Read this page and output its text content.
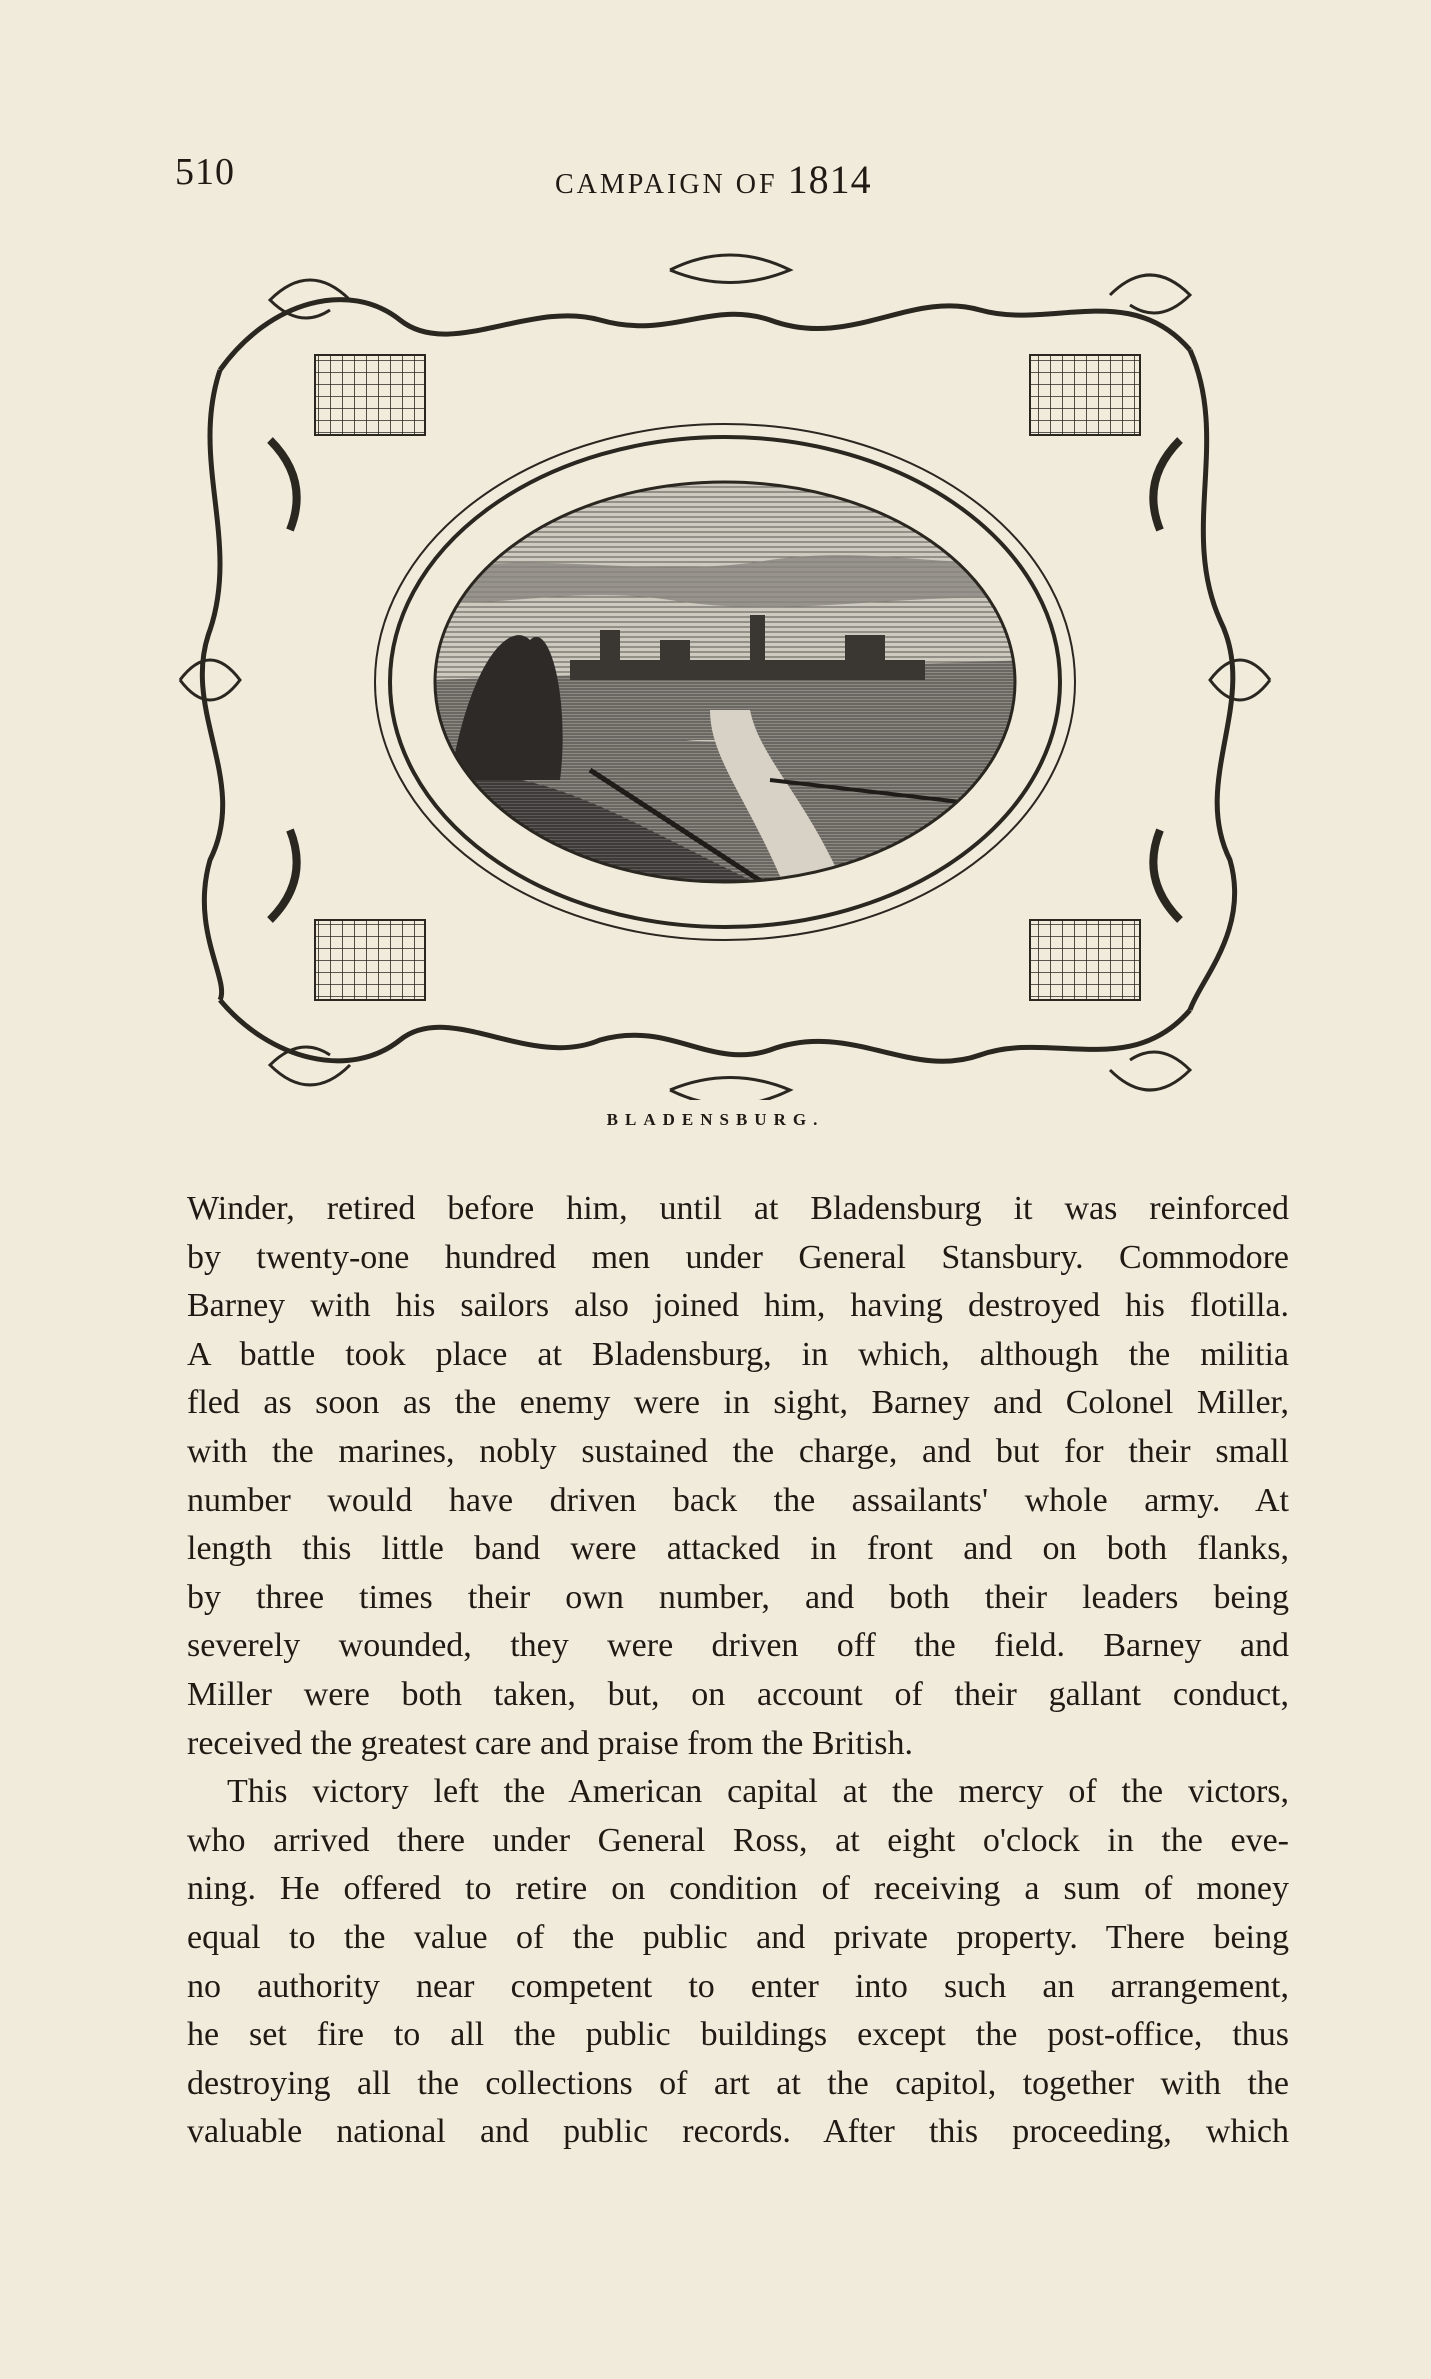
510	CAMPAIGN OF 1814
BLADENSBURG.
Winder, retired before him, until at Bladensburg it was reinforced
by twenty-one hundred men under General Stansbury. Commodore
Barney with his sailors also joined him, having destroyed his flotilla.
A battle took place at Bladensburg, in which, although the militia
fled as soon as the enemy were in sight, Barney and Colonel Miller,
with the marines, nobly sustained the charge, and but for their small
number would have driven back the assailants' whole army. At
length this little band were attacked in front and on both flanks,
by three times their own number, and both their leaders being
severely wounded, they were driven off the field. Barney and
Miller were both taken, but, on account of their gallant conduct,
received the greatest care and praise from the British.
This victory left the American capital at the mercy of the victors,
who arrived there under General Ross, at eight o'clock in the eve-
ning. He offered to retire on condition of receiving a sum of money
equal to the value of the public and private property. There being
no authority near competent to enter into such an arrangement,
he set fire to all the public buildings except the post-office, thus
destroying all the collections of art at the capitol, together with the
valuable national and public records. After this proceeding, which
